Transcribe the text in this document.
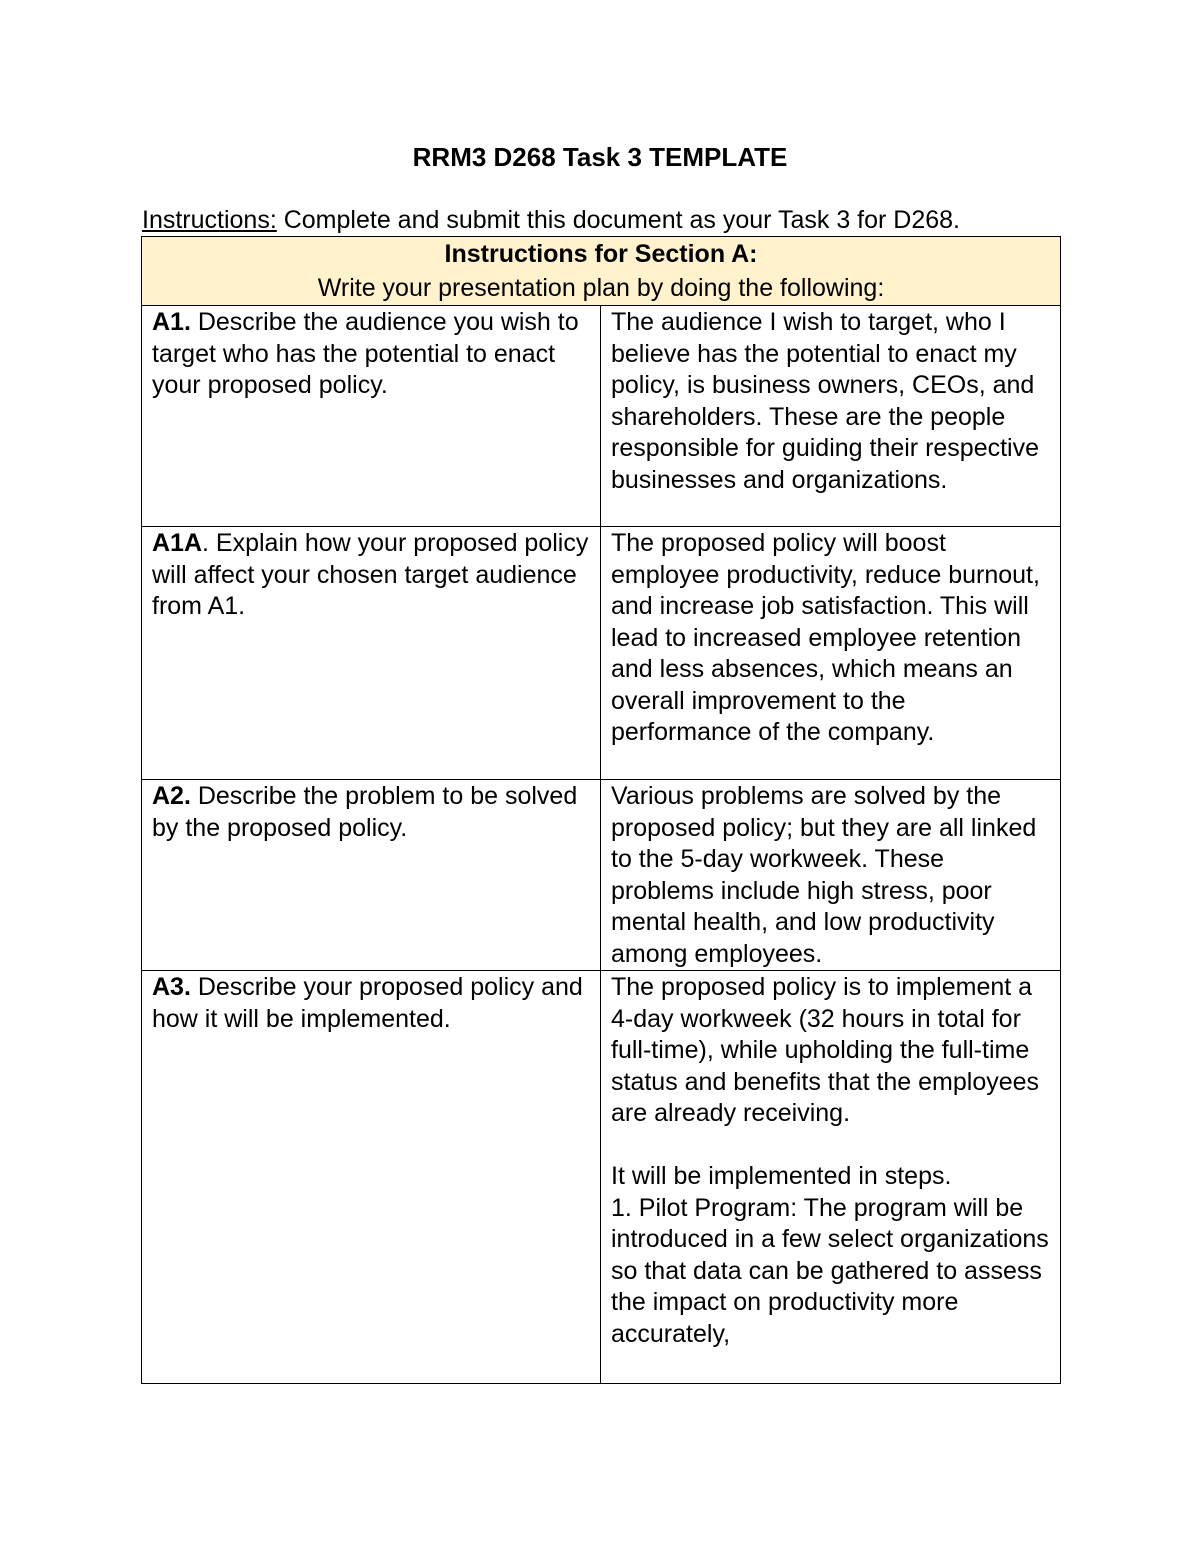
RRM3 D268 Task 3 TEMPLATE
Instructions: Complete and submit this document as your Task 3 for D268.
Instructions for Section A:
Write your presentation plan by doing the following:	

A1. Describe the audience you wish to target who has the potential to enact your proposed policy.	The audience I wish to target, who I believe has the potential to enact my policy, is business owners, CEOs, and shareholders. These are the people responsible for guiding their respective businesses and organizations.

A1A. Explain how your proposed policy will affect your chosen target audience from A1.	The proposed policy will boost employee productivity, reduce burnout, and increase job satisfaction. This will lead to increased employee retention and less absences, which means an overall improvement to the performance of the company.

A2. Describe the problem to be solved by the proposed policy.	Various problems are solved by the proposed policy; but they are all linked to the 5-day workweek. These problems include high stress, poor mental health, and low productivity among employees.

A3. Describe your proposed policy and how it will be implemented.	The proposed policy is to implement a 4-day workweek (32 hours in total for full-time), while upholding the full-time status and benefits that the employees are already receiving.
It will be implemented in steps.
1. Pilot Program: The program will be introduced in a few select organizations so that data can be gathered to assess the impact on productivity more accurately,
